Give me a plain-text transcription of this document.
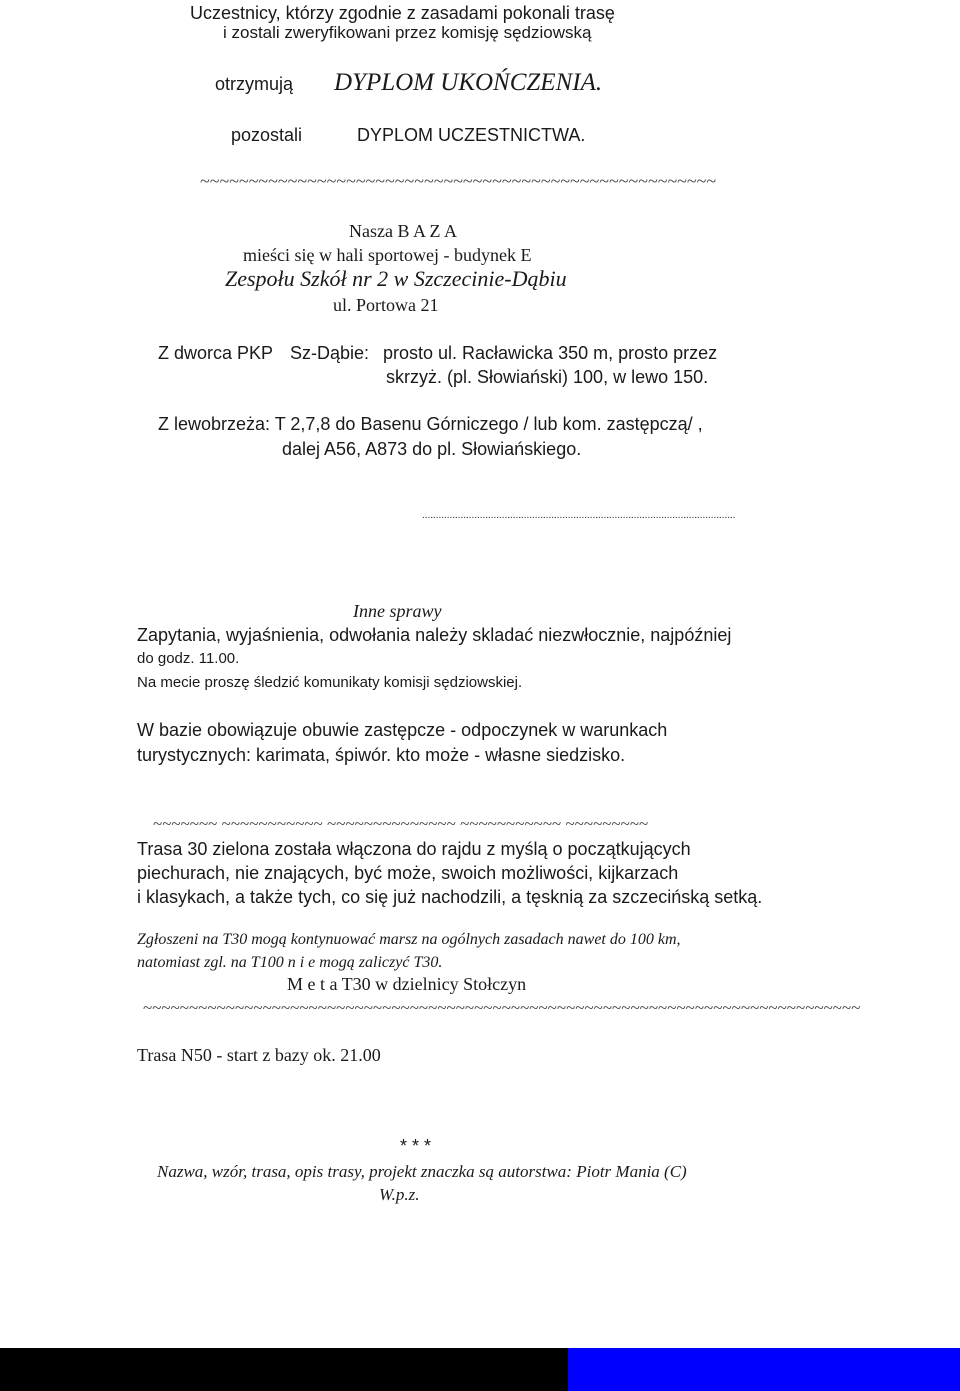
Uczestnicy, którzy zgodnie z zasadami pokonali trasę
i zostali zweryfikowani przez komisję sędziowską
otrzymują DYPLOM UKOŃCZENIA.
pozostali	DYPLOM UCZESTNICTWA.
~~~~~~~~~~~~~~~~~~~~~~~~~~~~~~~~~~~~~~~~~~~~~~~~~~~~~
Nasza B A Z A
mieści się w hali sportowej - budynek E
Zespołu Szkół nr 2 w Szczecinie-Dąbiu
ul. Portowa 21
Z dworca PKP Sz-Dąbie: prosto ul. Racławicka 350 m, prosto przez
skrzyż. (pl. Słowiański) 100, w lewo 150.
Z lewobrzeża: T 2,7,8 do Basenu Górniczego / lub kom. zastępczą/ ,
dalej A56, A873 do pl. Słowiańskiego.
..................................................................................................................
Inne sprawy
Zapytania, wyjaśnienia, odwołania należy skladać niezwłocznie, najpóźniej
do godz. 11.00.
Na mecie proszę śledzić komunikaty komisji sędziowskiej.
W bazie obowiązuje obuwie zastępcze - odpoczynek w warunkach
turystycznych: karimata, śpiwór. kto może - własne siedzisko.
~~~~~~~ ~~~~~~~~~~~ ~~~~~~~~~~~~~~ ~~~~~~~~~~~ ~~~~~~~~~
Trasa 30 zielona została włączona do rajdu z myślą o początkujących
piechurach, nie znających, być może, swoich możliwości, kijkarzach
i klasykach, a także tych, co się już nachodzili, a tęsknią za szczecińską setką.
Zgłoszeni na T30 mogą kontynuować marsz na ogólnych zasadach nawet do 100 km,
natomiast zgl. na T100 n i e mogą zaliczyć T30.
M e t a T30 w dzielnicy Stołczyn
~~~~~~~~~~~~~~~~~~~~~~~~~~~~~~~~~~~~~~~~~~~~~~~~~~~~~~~~~~~~~~~~~~~~~~~~~~~~~~
Trasa N50 - start z bazy ok. 21.00
* * *
Nazwa, wzór, trasa, opis trasy, projekt znaczka są autorstwa: Piotr Mania (C)
W.p.z.
